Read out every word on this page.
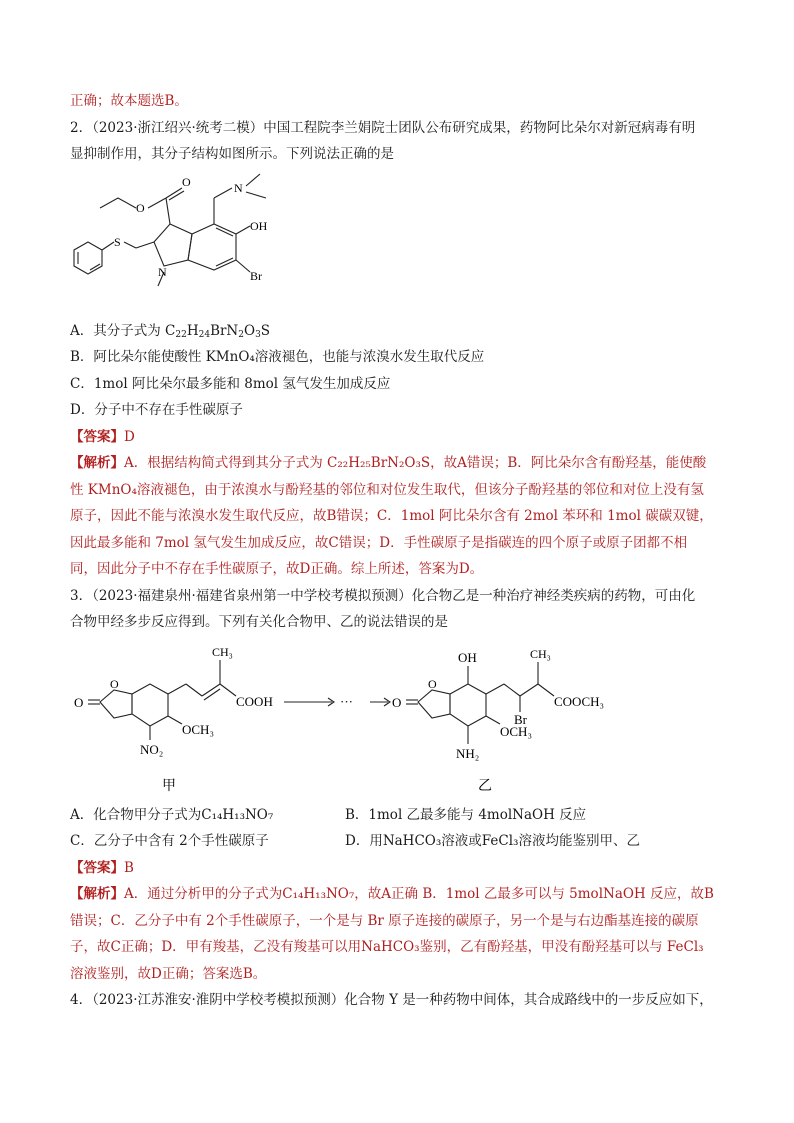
正确；故本题选B。
2．（2023·浙江绍兴·统考二模）中国工程院李兰娟院士团队公布研究成果，药物阿比朵尔对新冠病毒有明
显抑制作用，其分子结构如图所示。下列说法正确的是
O
O	N
OH
Br
S
N
A．其分子式为 $C_{22}H_{24}BrN_2O_3S$
B．阿比朵尔能使酸性 KMnO₄溶液褪色，也能与浓溴水发生取代反应
C．1mol 阿比朵尔最多能和 8mol 氢气发生加成反应
D．分子中不存在手性碳原子
【答案】D
【解析】A．根据结构简式得到其分子式为 C₂₂H₂₅BrN₂O₃S，故A错误；B．阿比朵尔含有酚羟基，能使酸
性 KMnO₄溶液褪色，由于浓溴水与酚羟基的邻位和对位发生取代，但该分子酚羟基的邻位和对位上没有氢
原子，因此不能与浓溴水发生取代反应，故B错误；C．1mol 阿比朵尔含有 2mol 苯环和 1mol 碳碳双键，
因此最多能和 7mol 氢气发生加成反应，故C错误；D．手性碳原子是指碳连的四个原子或原子团都不相
同，因此分子中不存在手性碳原子，故D正确。综上所述，答案为D。
3．（2023·福建泉州·福建省泉州第一中学校考模拟预测）化合物乙是一种治疗神经类疾病的药物，可由化
合物甲经多步反应得到。下列有关化合物甲、乙的说法错误的是
O
O
CH₃
COOH
OCH₃
NO₂
···	O
O
OH	CH₃
COOCH₃
Br
OCH₃
NH₂
甲	乙
A．化合物甲分子式为C₁₄H₁₃NO₇	B．1mol 乙最多能与 4molNaOH 反应
C．乙分子中含有 2个手性碳原子	D．用NaHCO₃溶液或FeCl₃溶液均能鉴别甲、乙
【答案】B
【解析】A．通过分析甲的分子式为C₁₄H₁₃NO₇，故A正确 B．1mol 乙最多可以与 5molNaOH 反应，故B
错误；C．乙分子中有 2个手性碳原子，一个是与 Br 原子连接的碳原子，另一个是与右边酯基连接的碳原
子，故C正确；D．甲有羧基，乙没有羧基可以用NaHCO₃鉴别，乙有酚羟基，甲没有酚羟基可以与 FeCl₃
溶液鉴别，故D正确；答案选B。
4．（2023·江苏淮安·淮阴中学校考模拟预测）化合物 Y 是一种药物中间体，其合成路线中的一步反应如下，
